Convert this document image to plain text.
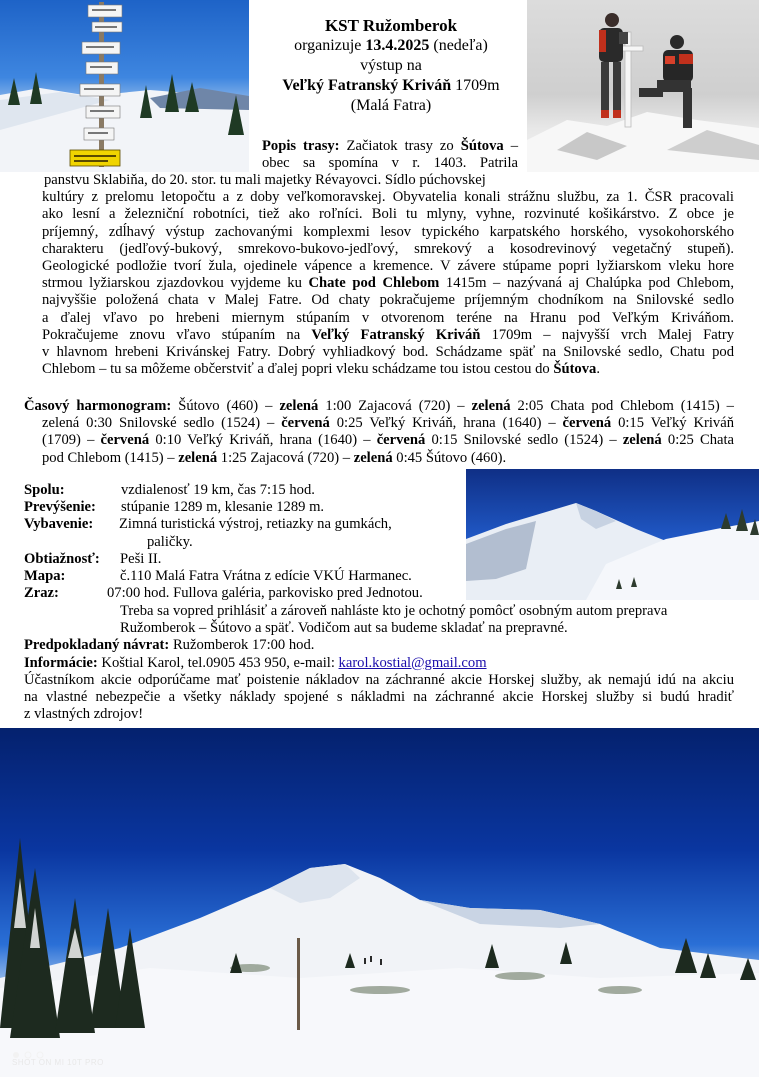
KST Ružomberok
organizuje 13.4.2025 (nedeľa)
výstup na
Veľký Fatranský Kriváň 1709m
(Malá Fatra)

Popis trasy: Začiatok trasy zo Šútova –

obec sa spomína v r. 1403. Patrila

panstvu Sklabiňa, do 20. stor. tu mali majetky Révayovci. Sídlo púchovskej

kultúry z prelomu letopočtu a z doby veľkomoravskej. Obyvatelia konali strážnu službu, za 1. ČSR pracovali

ako lesní a železniční robotníci, tiež ako roľníci. Boli tu mlyny, vyhne, rozvinuté košikárstvo. Z obce je

príjemný, zdĺhavý výstup zachovanými komplexmi lesov typického karpatského horského, vysokohorského

charakteru (jedľový-bukový, smrekovo-bukovo-jedľový, smrekový a kosodrevinový vegetačný stupeň).

Geologické podložie tvorí žula, ojedinele vápence a kremence. V závere stúpame popri lyžiarskom vleku hore

strmou lyžiarskou zjazdovkou vyjdeme ku Chate pod Chlebom 1415m – nazývaná aj Chalúpka pod Chlebom,

najvyššie položená chata v Malej Fatre. Od chaty pokračujeme príjemným chodníkom na Snilovské sedlo

a ďalej vľavo po hrebeni miernym stúpaním v otvorenom teréne na Hranu pod Veľkým Kriváňom.

Pokračujeme znovu vľavo stúpaním na Veľký Fatranský Kriváň 1709m – najvyšší vrch Malej Fatry

v hlavnom hrebeni Krivánskej Fatry. Dobrý vyhliadkový bod. Schádzame späť na Snilovské sedlo, Chatu pod

Chlebom – tu sa môžeme občerstviť a ďalej popri vleku schádzame tou istou cestou do Šútova.

Časový harmonogram: Šútovo (460) – zelená 1:00 Zajacová (720) – zelená 2:05 Chata pod Chlebom (1415) –

zelená 0:30 Snilovské sedlo (1524) – červená 0:25 Veľký Kriváň, hrana (1640) – červená 0:15 Veľký Kriváň

(1709) – červená 0:10 Veľký Kriváň, hrana (1640) – červená 0:15 Snilovské sedlo (1524) – zelená 0:25 Chata

pod Chlebom (1415) – zelená 1:25 Zajacová (720) – zelená 0:45 Šútovo (460).

Spolu:	vzdialenosť 19 km, čas 7:15 hod.

Prevýšenie: stúpanie 1289 m, klesanie 1289 m.

Vybavenie: Zimná turistická výstroj, retiazky na gumkách,

paličky.

Obtiažnosť: Peši II.

Mapa:	č.110 Malá Fatra Vrátna z edície VKÚ Harmanec.

Zraz:	07:00 hod. Fullova galéria, parkovisko pred Jednotou.

Treba sa vopred prihlásiť a zároveň nahláste kto je ochotný pomôcť osobným autom preprava

Ružomberok – Šútovo a späť. Vodičom aut sa budeme skladať na prepravné.

Predpokladaný návrat: Ružomberok 17:00 hod.

Informácie: Koštial Karol, tel.0905 453 950, e-mail: karol.kostial@gmail.com

Účastníkom akcie odporúčame mať poistenie nákladov na záchranné akcie Horskej služby, ak nemajú idú na akciu

na vlastné nebezpečie a všetky náklady spojené s nákladmi na záchranné akcie Horskej služby si budú hradiť

z vlastných zdrojov!

SHOT ON MI 10T PRO
